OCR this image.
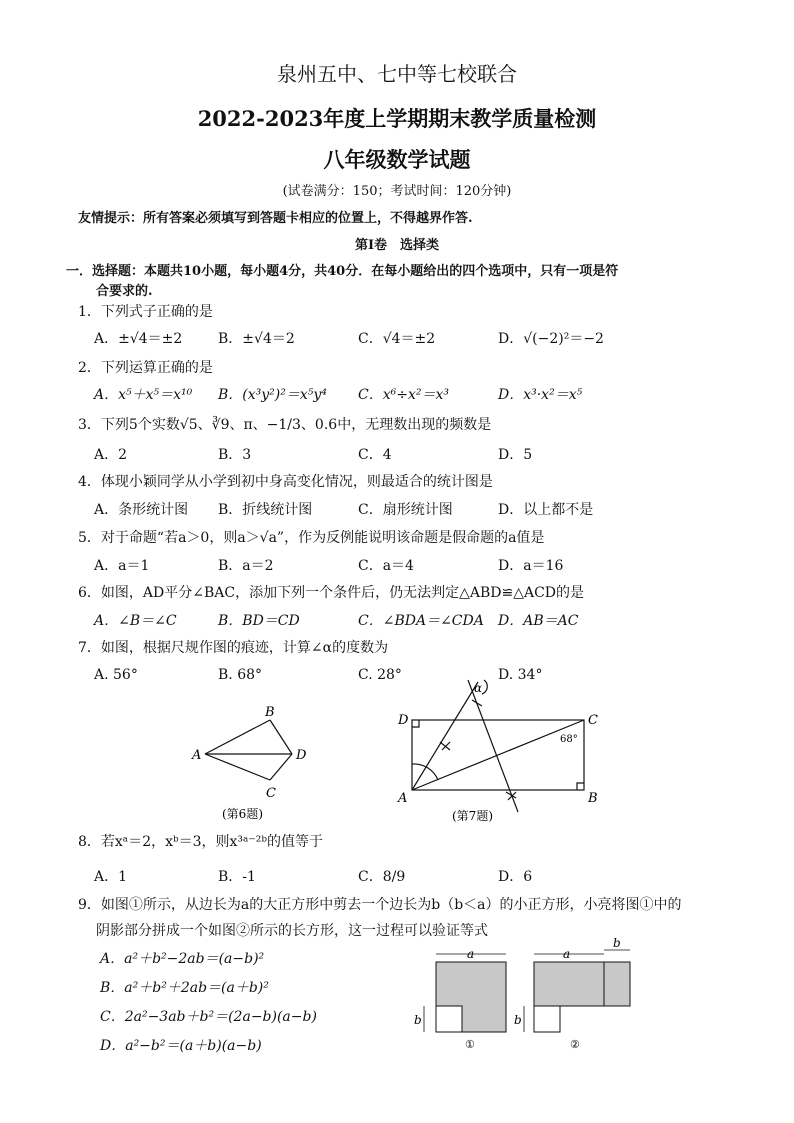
泉州五中、七中等七校联合
2022-2023年度上学期期末教学质量检测
八年级数学试题
(试卷满分：150；考试时间：120分钟)
友情提示：所有答案必须填写到答题卡相应的位置上，不得越界作答.
第Ⅰ卷　选择类
一．选择题：本题共10小题，每小题4分，共40分．在每小题给出的四个选项中，只有一项是符
合要求的.
1．下列式子正确的是
A．±√4＝±2	B．±√4＝2	C．√4＝±2	D．√(−2)²＝−2
2．下列运算正确的是
A．x⁵＋x⁵＝x¹⁰ B．(x³y²)²＝x⁵y⁴ C．x⁶÷x²＝x³	D．x³·x²＝x⁵
3．下列5个实数√5、∛9、π、−1/3、0.6中，无理数出现的频数是
A．2	B．3	C．4	D．5
4．体现小颖同学从小学到初中身高变化情况，则最适合的统计图是
A．条形统计图 B．折线统计图	C．扇形统计图	D．以上都不是
5．对于命题“若a＞0，则a＞√a”，作为反例能说明该命题是假命题的a值是
A．a＝1	B．a＝2	C．a＝4	D．a＝16
6．如图，AD平分∠BAC，添加下列一个条件后，仍无法判定△ABD≌△ACD的是
A．∠B＝∠C	B．BD＝CD	C．∠BDA＝∠CDA D．AB＝AC
7．如图，根据尺规作图的痕迹，计算∠α的度数为
A. 56°	B. 68°	C. 28°	D. 34°
A
B
C
D
(第6题)
D	C
A	B
α
68°
(第7题)
8．若xᵃ＝2，xᵇ＝3，则x³ᵃ⁻²ᵇ的值等于
A．1	B．-1	C．8/9	D．6
9．如图①所示，从边长为a的大正方形中剪去一个边长为b（b＜a）的小正方形，小亮将图①中的
阴影部分拼成一个如图②所示的长方形，这一过程可以验证等式
A．a²＋b²−2ab＝(a−b)²
B．a²＋b²＋2ab＝(a＋b)²
C．2a²−3ab＋b²＝(2a−b)(a−b)
D．a²−b²＝(a＋b)(a−b)
a
b
①
a
b
b
②
